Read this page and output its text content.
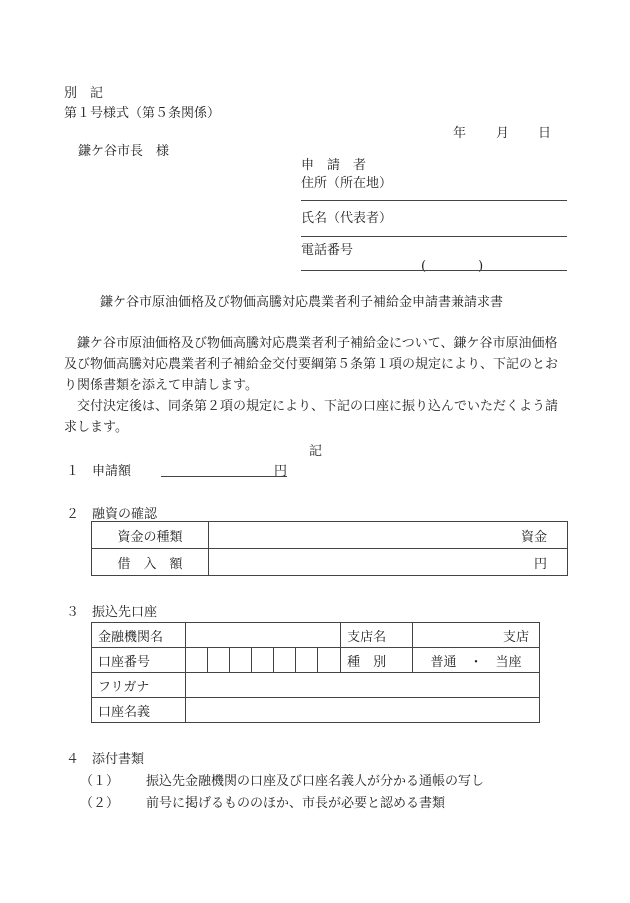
別　記
第１号様式（第５条関係）
年 月 日
鎌ケ谷市長　様
申　請　者
住所（所在地）
氏名（代表者）
電話番号
(　　　　)
鎌ケ谷市原油価格及び物価高騰対応農業者利子補給金申請書兼請求書
鎌ケ谷市原油価格及び物価高騰対応農業者利子補給金について、鎌ケ谷市原油価格及び物価高騰対応農業者利子補給金交付要綱第５条第１項の規定により、下記のとおり関係書類を添えて申請します。
交付決定後は、同条第２項の規定により、下記の口座に振り込んでいただくよう請求します。
記
１ 申請額	円
２ 融資の確認
資金の種類	資金
借　入　額	円
３ 振込先口座
金融機関名								支店名	支店
口座番号								種　別	普通　・　当座
フリガナ									
口座名義									
４ 添付書類
（１） 振込先金融機関の口座及び口座名義人が分かる通帳の写し
（２） 前号に掲げるもののほか、市長が必要と認める書類
